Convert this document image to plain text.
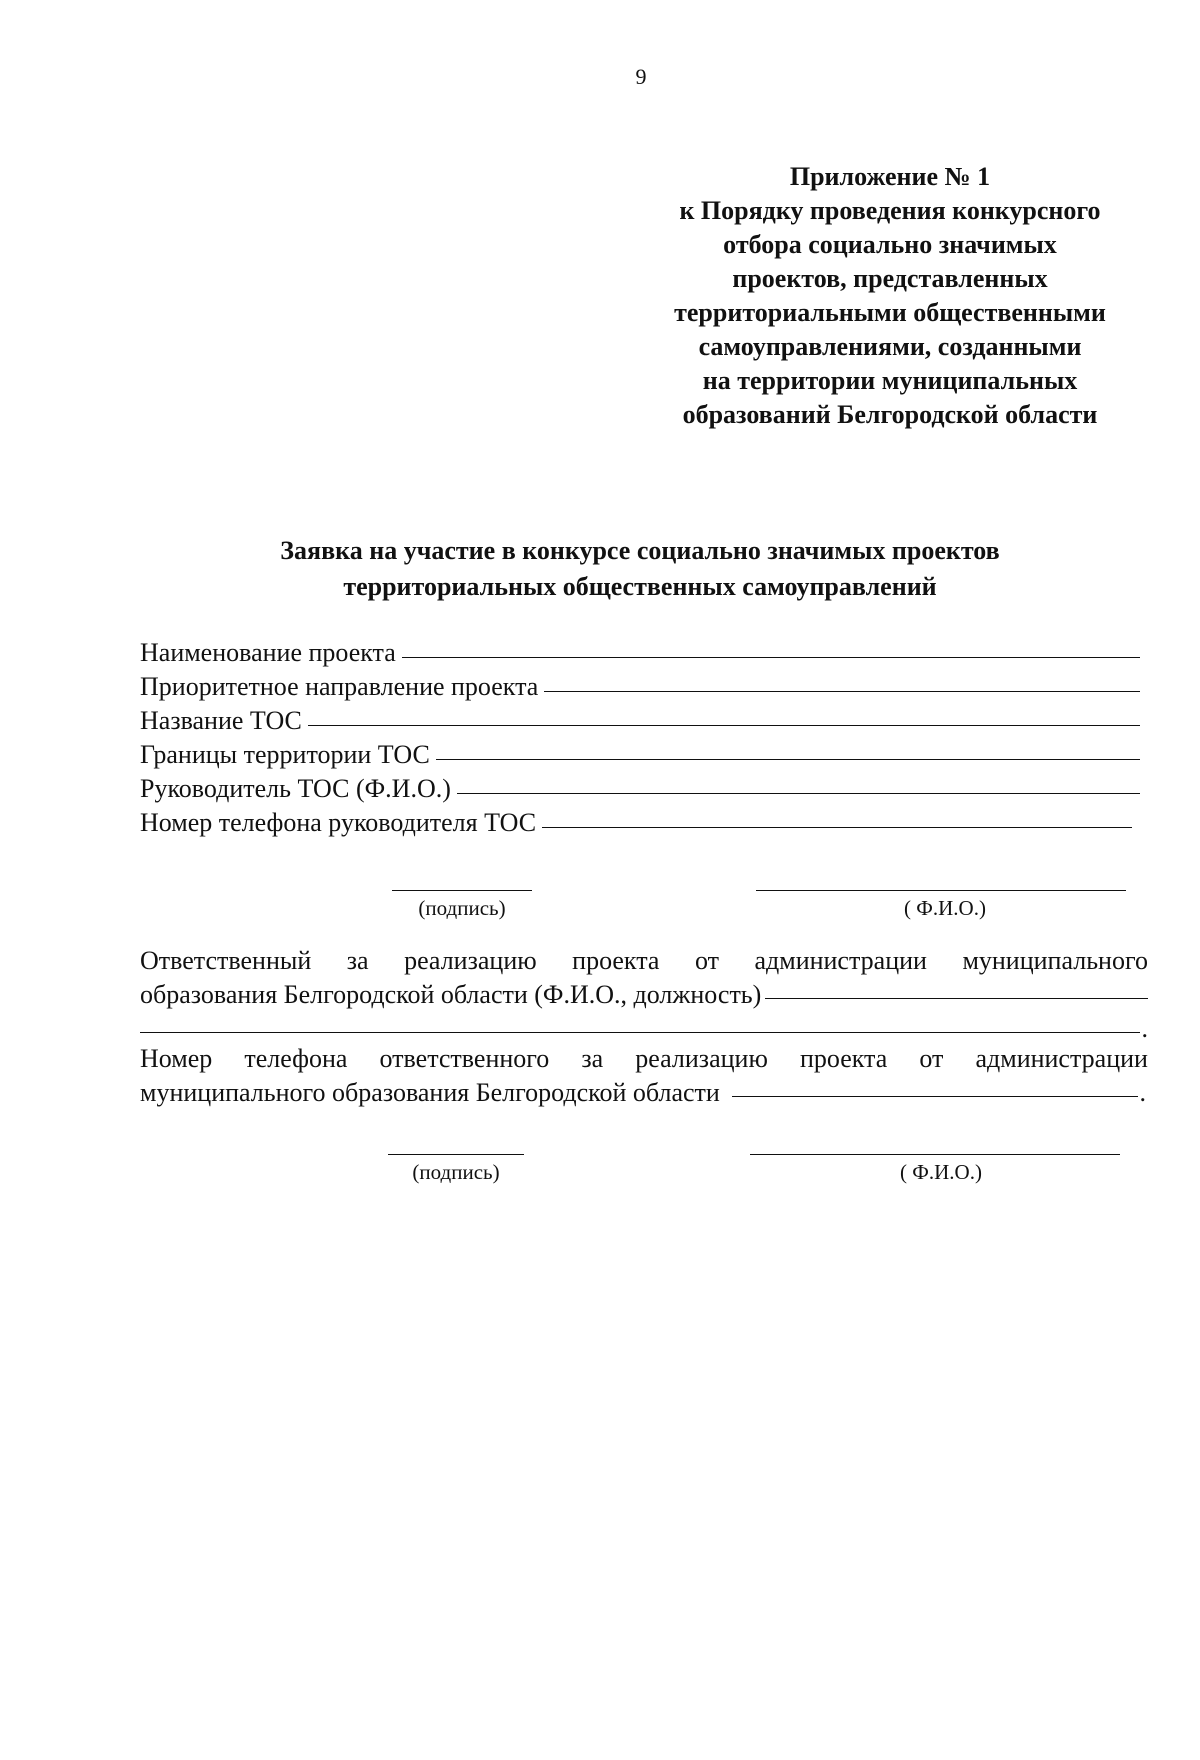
9
Приложение № 1
к Порядку проведения конкурсного
отбора социально значимых
проектов, представленных
территориальными общественными
самоуправлениями, созданными
на территории муниципальных
образований Белгородской области
Заявка на участие в конкурсе социально значимых проектов
территориальных общественных самоуправлений
Наименование проекта
Приоритетное направление проекта
Название ТОС
Границы территории ТОС
Руководитель ТОС (Ф.И.О.)
Номер телефона руководителя ТОС
(подпись)	( Ф.И.О.)
Ответственный за реализацию проекта от администрации муниципального
образования Белгородской области (Ф.И.О., должность)
.
Номер телефона ответственного за реализацию проекта от администрации
муниципального образования Белгородской области	.
(подпись)	( Ф.И.О.)
